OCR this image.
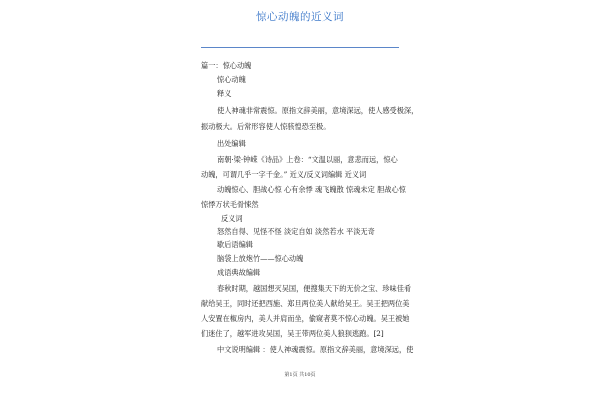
惊心动魄的近义词
篇一：惊心动魄
惊心动魄
释义
使人神魂非常震惊。原指文辞美丽，意境深远，使人感受极深，
振动极大。后常形容使人惊骇惶恐至极。
出处编辑
南朝·梁·钟嵘《诗品》上卷：“文温以丽，意悲而远，惊心
动魄，可谓几乎一字千金。” 近义/反义词编辑 近义词
动魄惊心、胆战心惊 心有余悸 魂飞魄散 惊魂未定 胆战心惊
惊悸万状毛骨悚然
反义词
怒然自得、见怪不怪 淡定自如 淡然若水 平淡无奇
歇后语编辑
脑袋上放炮竹——惊心动魄
成语典故编辑
春秋时期，越国想灭吴国，便搜集天下的无价之宝、珍味佳肴
献给吴王，同时还把西施、郑旦两位美人献给吴王。吴王把两位美
人安置在椒房内，美人并肩而坐，偷窥者莫不惊心动魄。吴王被她
们迷住了，越军进攻吴国，吴王带两位美人狼狈逃跑。[2]
中文说明编辑 ：使人神魂震惊。原指文辞美丽，意境深远，使
第1页 共10页
